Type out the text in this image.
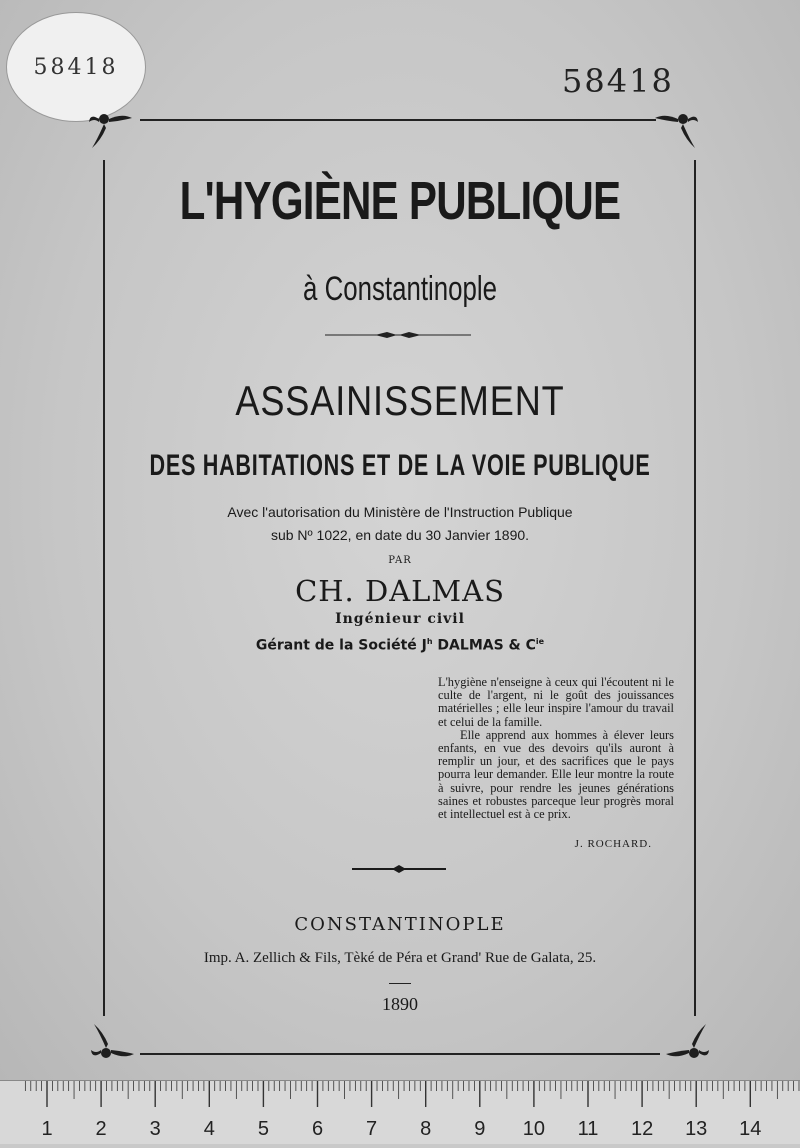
58418	58418
L'HYGIÈNE PUBLIQUE
à Constantinople
ASSAINISSEMENT
DES HABITATIONS ET DE LA VOIE PUBLIQUE
Avec l'autorisation du Ministère de l'Instruction Publique
sub Nº 1022, en date du 30 Janvier 1890.
PAR
CH. DALMAS
Ingénieur civil
Gérant de la Société $J^h$ DALMAS & $C^{ie}$

L'hygiène n'enseigne à ceux qui l'écoutent ni le culte de l'argent, ni le goût des jouissances matérielles ; elle leur inspire l'amour du travail et celui de la famille.

Elle apprend aux hommes à élever leurs enfants, en vue des devoirs qu'ils auront à remplir un jour, et des sacrifices que le pays pourra leur demander. Elle leur montre la route à suivre, pour rendre les jeunes générations saines et robustes parceque leur progrès moral et intellectuel est à ce prix.

J. ROCHARD.
CONSTANTINOPLE
Imp. A. Zellich & Fils, Tèké de Péra et Grand' Rue de Galata, 25.
1890
1 2 3 4 5 6 7 8 9 10 11 12 13 14
